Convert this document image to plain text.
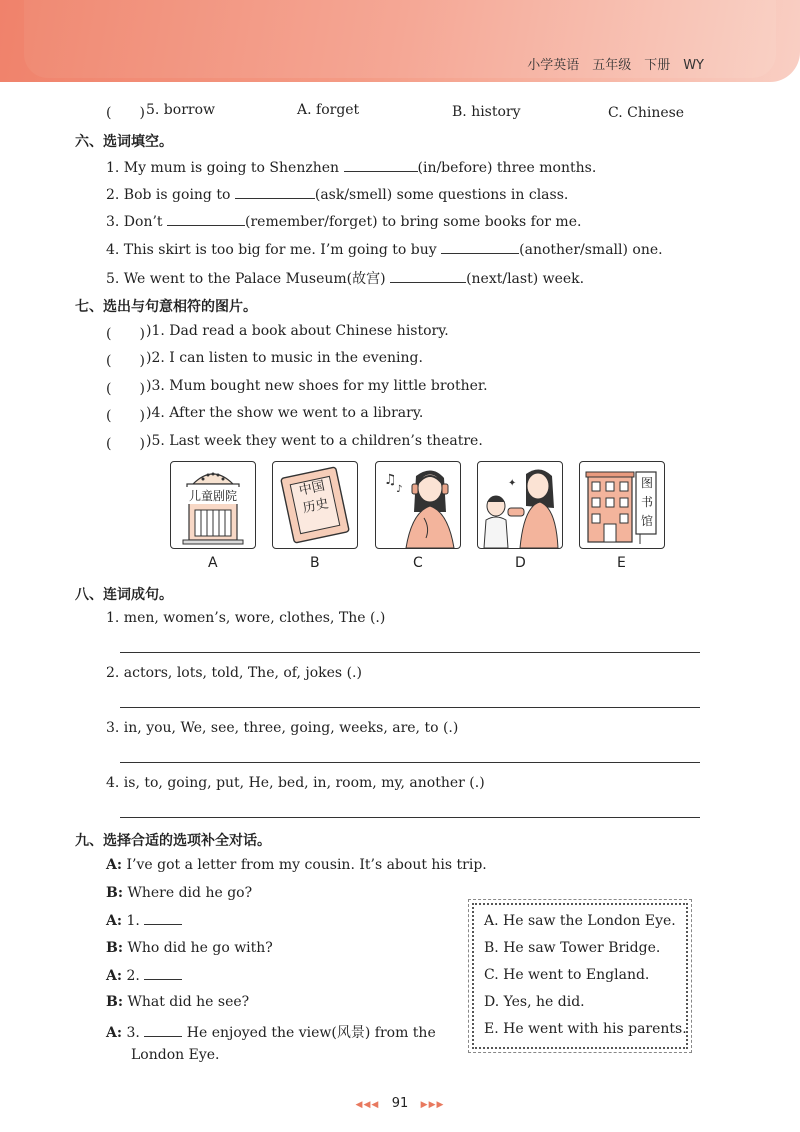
小学英语　五年级　下册　WY
(　　) 5. borrow	A. forget	B. history	C. Chinese
六、选词填空。
1. My mum is going to Shenzhen	(in/before) three months.
2. Bob is going to	(ask/smell) some questions in class.
3. Don’t	(remember/forget) to bring some books for me.
4. This skirt is too big for me. I’m going to buy	(another/small) one.
5. We went to the Palace Museum(故宫)	(next/last) week.
七、选出与句意相符的图片。
(　　) )1. Dad read a book about Chinese history.
(　　) )2. I can listen to music in the evening.
(　　) )3. Mum bought new shoes for my little brother.
(　　) )4. After the show we went to a library.
(　　) )5. Last week they went to a children’s theatre.
儿童剧院	中国
历史
♫
♪
✦	图
书
馆
A	B	C	D	E
八、连词成句。
1. men, women’s, wore, clothes, The (.)
2. actors, lots, told, The, of, jokes (.)
3. in, you, We, see, three, going, weeks, are, to (.)
4. is, to, going, put, He, bed, in, room, my, another (.)
九、选择合适的选项补全对话。
A: I’ve got a letter from my cousin. It’s about his trip.
B: Where did he go?
A: 1.
B: Who did he go with?
A: 2.
B: What did he see?
A: 3.	He enjoyed the view(风景) from the
London Eye.
A. He saw the London Eye.
B. He saw Tower Bridge.
C. He went to England.
D. Yes, he did.
E. He went with his parents.
◀◀◀ 91 ▶▶▶
